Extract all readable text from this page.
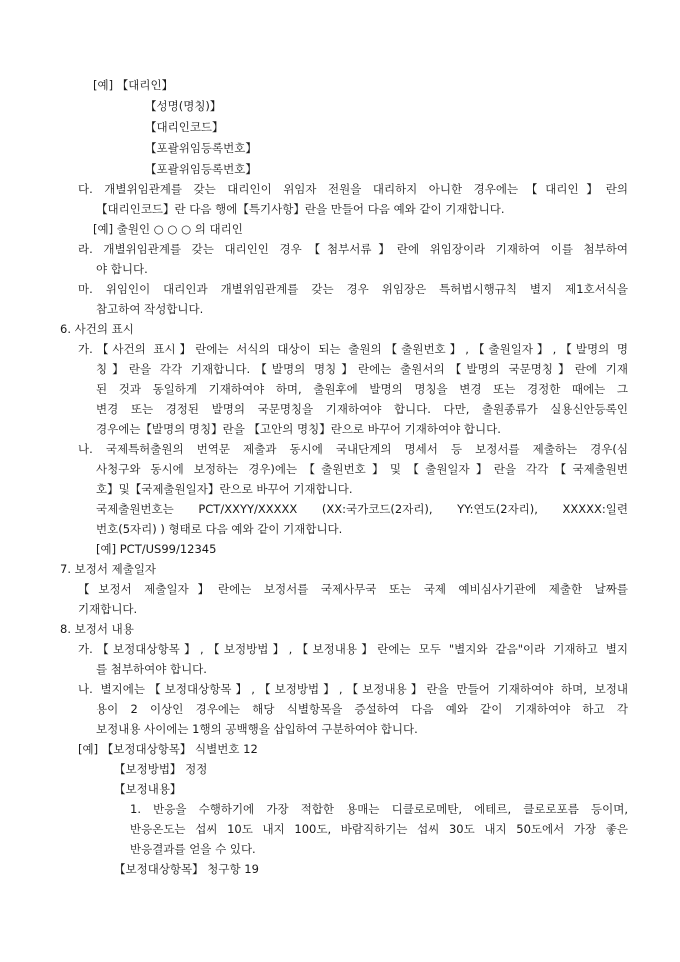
[예] 【대리인】
【성명(명칭)】
【대리인코드】
【포괄위임등록번호】
【포괄위임등록번호】
다. 개별위임관계를 갖는 대리인이 위임자 전원을 대리하지 아니한 경우에는【대리인】란의
【대리인코드】란 다음 행에【특기사항】란을 만들어 다음 예와 같이 기재합니다.
[예] 출원인 ○ ○ ○ 의 대리인
라. 개별위임관계를 갖는 대리인인 경우【첨부서류】란에 위임장이라 기재하여 이를 첨부하여
야 합니다.
마. 위임인이 대리인과 개별위임관계를 갖는 경우 위임장은 특허법시행규칙 별지 제1호서식을
참고하여 작성합니다.
6. 사건의 표시
가.【사건의 표시】란에는 서식의 대상이 되는 출원의【출원번호】,【출원일자】,【발명의 명
칭】란을 각각 기재합니다.【발명의 명칭】란에는 출원서의【발명의 국문명칭】란에 기재
된 것과 동일하게 기재하여야 하며, 출원후에 발명의 명칭을 변경 또는 경정한 때에는 그
변경 또는 경정된 발명의 국문명칭을 기재하여야 합니다. 다만, 출원종류가 실용신안등록인
경우에는【발명의 명칭】란을 【고안의 명칭】란으로 바꾸어 기재하여야 합니다.
나. 국제특허출원의 번역문 제출과 동시에 국내단계의 명세서 등 보정서를 제출하는 경우(심
사청구와 동시에 보정하는 경우)에는【출원번호】및【출원일자】란을 각각【국제출원번
호】및【국제출원일자】란으로 바꾸어 기재합니다.
국제출원번호는 PCT/XXYY/XXXXX (XX:국가코드(2자리), YY:연도(2자리), XXXXX:일련
번호(5자리) ) 형태로 다음 예와 같이 기재합니다.
[예] PCT/US99/12345
7. 보정서 제출일자
【보정서 제출일자】란에는 보정서를 국제사무국 또는 국제 예비심사기관에 제출한 날짜를
기재합니다.
8. 보정서 내용
가.【보정대상항목】,【보정방법】,【보정내용】란에는 모두 "별지와 같음"이라 기재하고 별지
를 첨부하여야 합니다.
나. 별지에는【보정대상항목】,【보정방법】,【보정내용】란을 만들어 기재하여야 하며, 보정내
용이 2 이상인 경우에는 해당 식별항목을 증설하여 다음 예와 같이 기재하여야 하고 각
보정내용 사이에는 1행의 공백행을 삽입하여 구분하여야 합니다.
[예] 【보정대상항목】 식별번호 12
【보정방법】 정정
【보정내용】
1. 반응을 수행하기에 가장 적합한 용매는 디클로로메탄, 에테르, 클로로포름 등이며,
반응온도는 섭씨 10도 내지 100도, 바람직하기는 섭씨 30도 내지 50도에서 가장 좋은
반응결과를 얻을 수 있다.
【보정대상항목】 청구항 19
